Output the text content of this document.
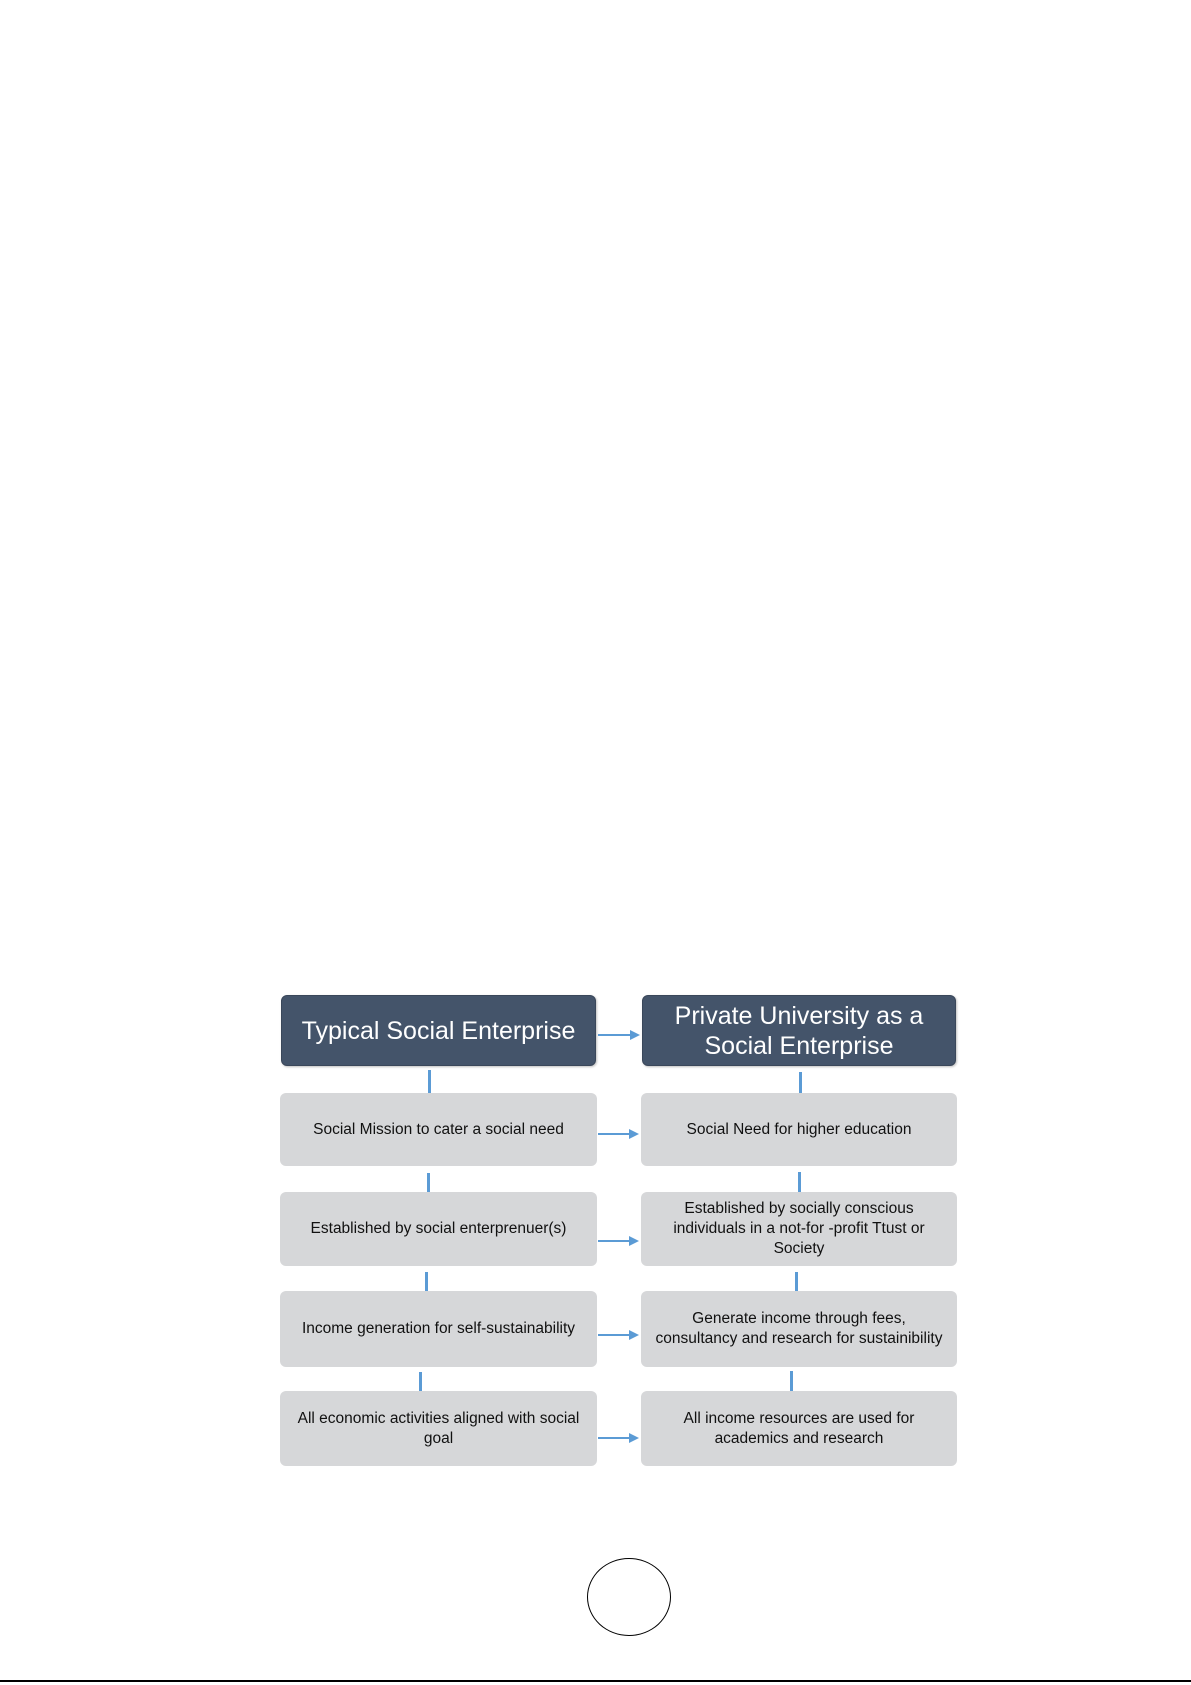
Typical Social Enterprise
Private University as a Social Enterprise
Social Mission to cater a social need	Social Need for higher education
Established by social enterprenuer(s)
Established by socially conscious individuals in a not-for -profit Ttust or Society
Income generation for self-sustainability
Generate income through fees, consultancy and research for sustainibility
All economic activities aligned with social goal
All income resources are used for academics and research
